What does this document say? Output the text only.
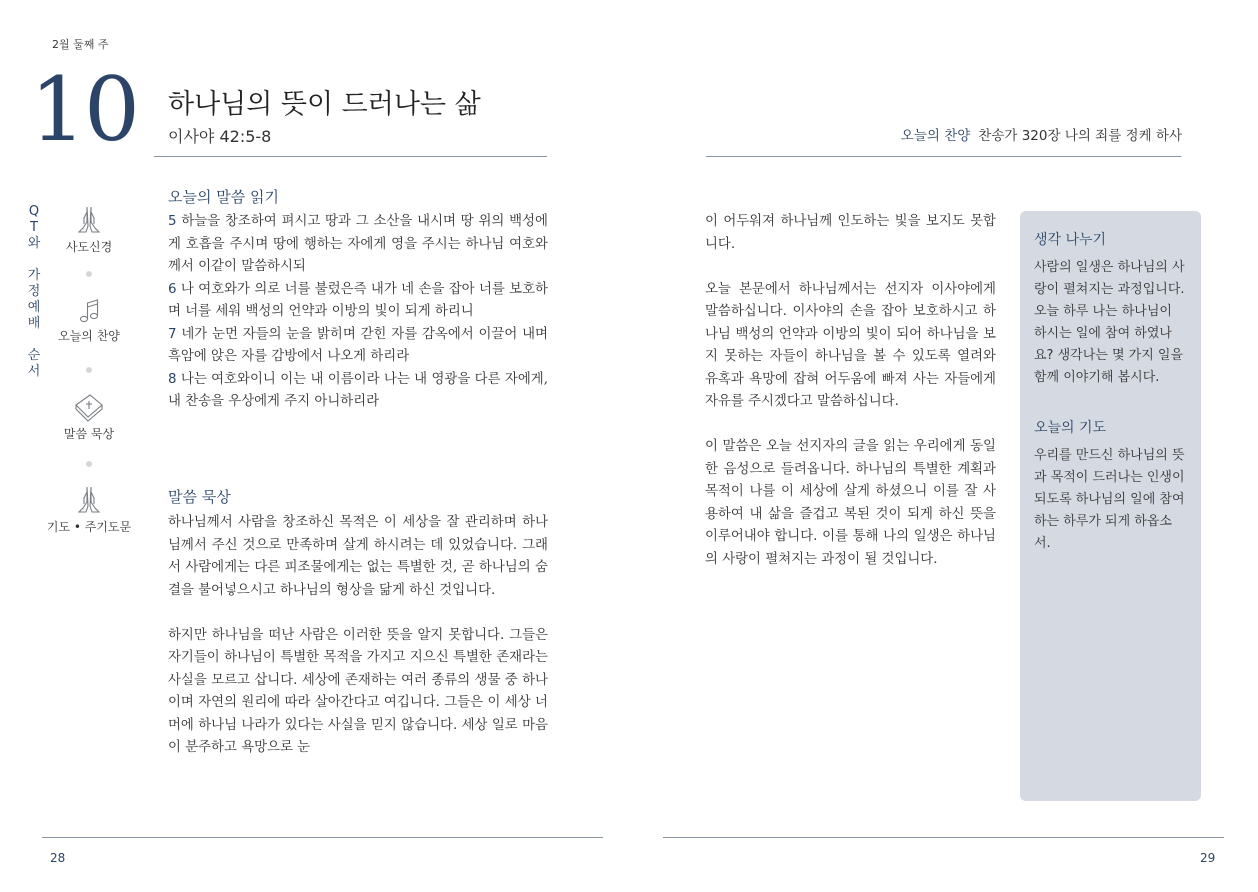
2월 둘째 주
10 하나님의 뜻이 드러나는 삶
이사야 42:5-8	오늘의 찬양 찬송가 320장 나의 죄를 정케 하사
Q
T
와
가
정
예
배
순
서
사도신경
오늘의 찬양
말씀 묵상
기도 • 주기도문
오늘의 말씀 읽기
5 하늘을 창조하여 펴시고 땅과 그 소산을 내시며 땅 위의 백성에게 호흡을 주시며 땅에 행하는 자에게 영을 주시는 하나님 여호와께서 이같이 말씀하시되
6 나 여호와가 의로 너를 불렀은즉 내가 네 손을 잡아 너를 보호하며 너를 세워 백성의 언약과 이방의 빛이 되게 하리니
7 네가 눈먼 자들의 눈을 밝히며 갇힌 자를 감옥에서 이끌어 내며 흑암에 앉은 자를 감방에서 나오게 하리라
8 나는 여호와이니 이는 내 이름이라 나는 내 영광을 다른 자에게, 내 찬송을 우상에게 주지 아니하리라
말씀 묵상

하나님께서 사람을 창조하신 목적은 이 세상을 잘 관리하며 하나님께서 주신 것으로 만족하며 살게 하시려는 데 있었습니다. 그래서 사람에게는 다른 피조물에게는 없는 특별한 것, 곧 하나님의 숨결을 불어넣으시고 하나님의 형상을 닮게 하신 것입니다.

하지만 하나님을 떠난 사람은 이러한 뜻을 알지 못합니다. 그들은 자기들이 하나님이 특별한 목적을 가지고 지으신 특별한 존재라는 사실을 모르고 삽니다. 세상에 존재하는 여러 종류의 생물 중 하나이며 자연의 원리에 따라 살아간다고 여깁니다. 그들은 이 세상 너머에 하나님 나라가 있다는 사실을 믿지 않습니다. 세상 일로 마음이 분주하고 욕망으로 눈

이 어두워져 하나님께 인도하는 빛을 보지도 못합니다.

오늘 본문에서 하나님께서는 선지자 이사야에게 말씀하십니다. 이사야의 손을 잡아 보호하시고 하나님 백성의 언약과 이방의 빛이 되어 하나님을 보지 못하는 자들이 하나님을 볼 수 있도록 열려와 유혹과 욕망에 잡혀 어두움에 빠져 사는 자들에게 자유를 주시겠다고 말씀하십니다.

이 말씀은 오늘 선지자의 글을 읽는 우리에게 동일한 음성으로 들려옵니다. 하나님의 특별한 계획과 목적이 나를 이 세상에 살게 하셨으니 이를 잘 사용하여 내 삶을 즐겁고 복된 것이 되게 하신 뜻을 이루어내야 합니다. 이를 통해 나의 일생은 하나님의 사랑이 펼쳐지는 과정이 될 것입니다.

생각 나누기

사람의 일생은 하나님의 사랑이 펼쳐지는 과정입니다. 오늘 하루 나는 하나님이 하시는 일에 참여 하였나요? 생각나는 몇 가지 일을 함께 이야기해 봅시다.

오늘의 기도

우리를 만드신 하나님의 뜻과 목적이 드러나는 인생이 되도록 하나님의 일에 참여하는 하루가 되게 하옵소서.

28	29
